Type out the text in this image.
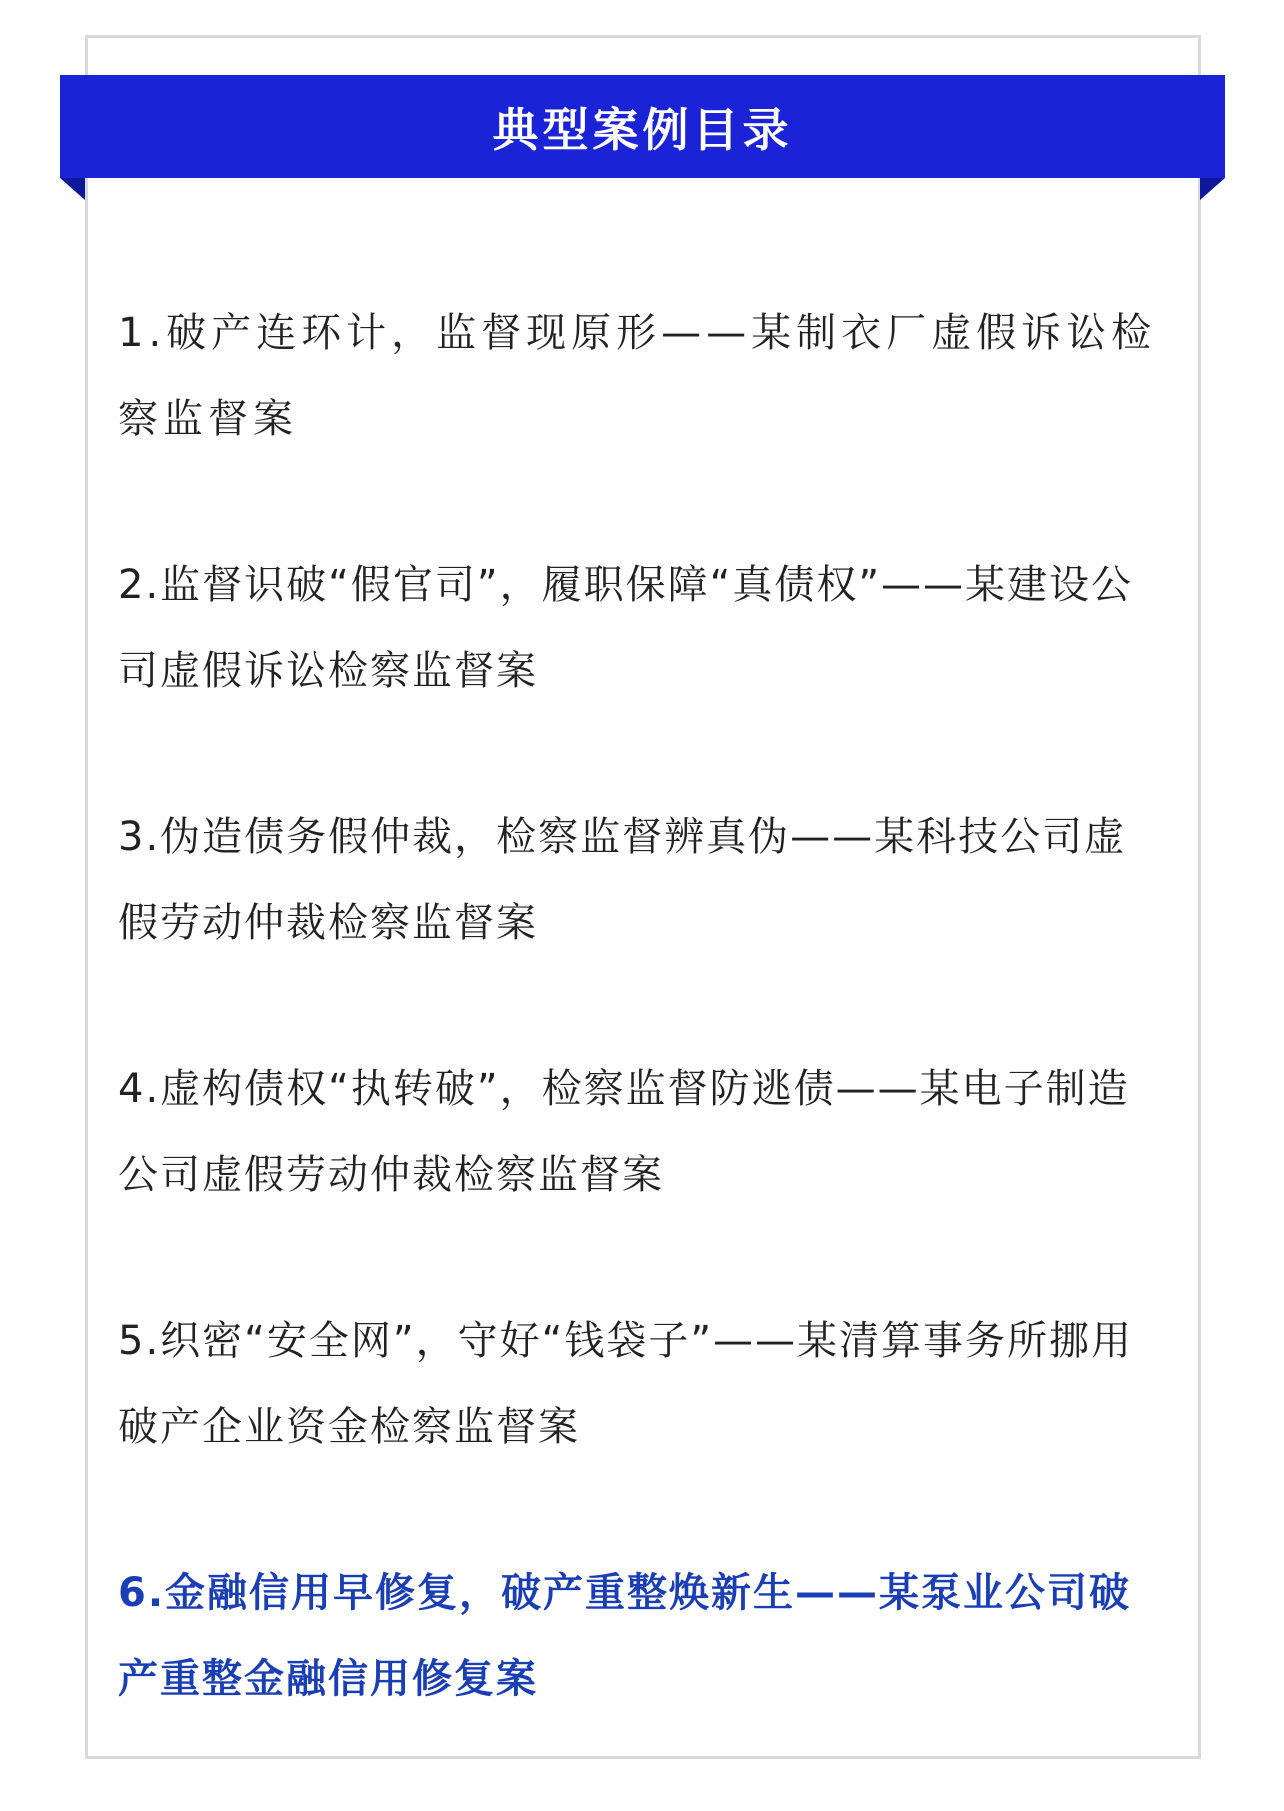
典型案例目录
1.破产连环计，监督现原形——某制衣厂虚假诉讼检察监督案
2.监督识破“假官司”，履职保障“真债权”——某建设公司虚假诉讼检察监督案
3.伪造债务假仲裁，检察监督辨真伪——某科技公司虚假劳动仲裁检察监督案
4.虚构债权“执转破”，检察监督防逃债——某电子制造公司虚假劳动仲裁检察监督案
5.织密“安全网”，守好“钱袋子”——某清算事务所挪用破产企业资金检察监督案
6.金融信用早修复，破产重整焕新生——某泵业公司破产重整金融信用修复案
